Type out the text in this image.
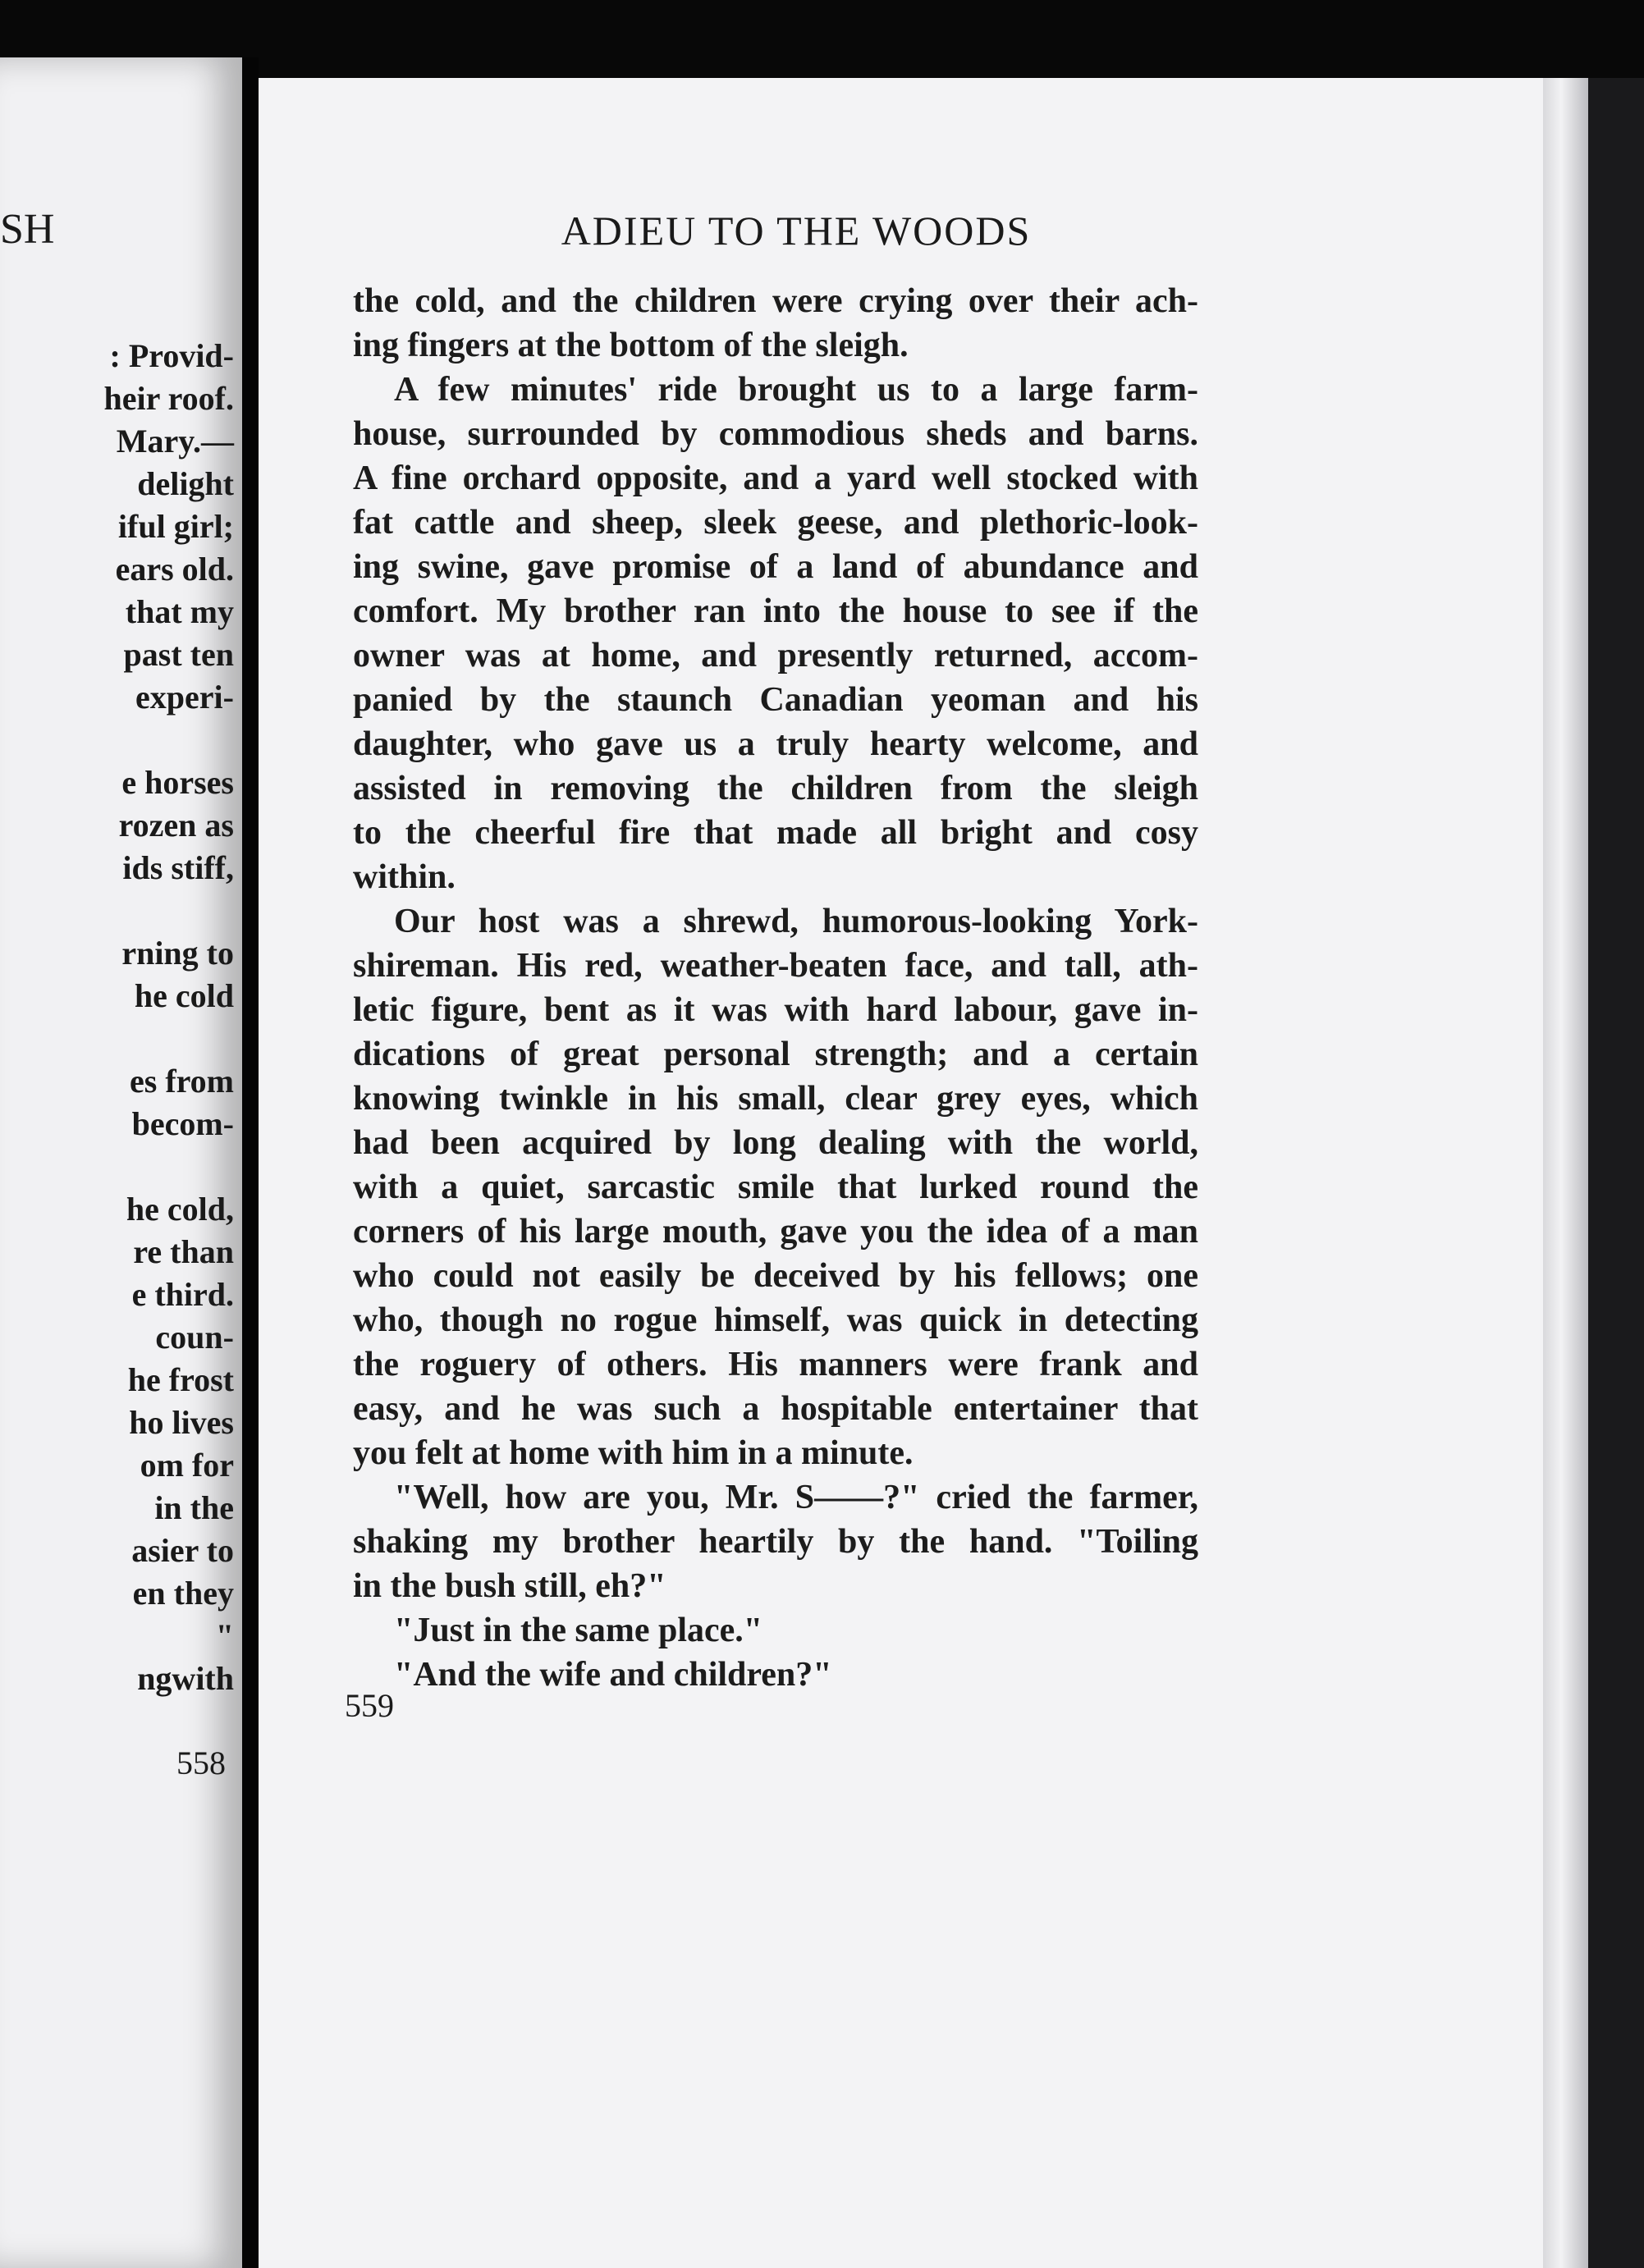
SH
: Provid-
heir roof.
Mary.—
delight
iful girl;
ears old.
that my
past ten
experi-
e horses
rozen as
ids stiff,
rning to
he cold
es from
becom-
he cold,
re than
e third.
coun-
he frost
ho lives
om for
in the
asier to
en they
"
ngwith
558
ADIEU TO THE WOODS
the cold, and the children were crying over their ach-
ing fingers at the bottom of the sleigh.
A few minutes' ride brought us to a large farm-
house, surrounded by commodious sheds and barns.
A fine orchard opposite, and a yard well stocked with
fat cattle and sheep, sleek geese, and plethoric-look-
ing swine, gave promise of a land of abundance and
comfort. My brother ran into the house to see if the
owner was at home, and presently returned, accom-
panied by the staunch Canadian yeoman and his
daughter, who gave us a truly hearty welcome, and
assisted in removing the children from the sleigh
to the cheerful fire that made all bright and cosy
within.
Our host was a shrewd, humorous-looking York-
shireman. His red, weather-beaten face, and tall, ath-
letic figure, bent as it was with hard labour, gave in-
dications of great personal strength; and a certain
knowing twinkle in his small, clear grey eyes, which
had been acquired by long dealing with the world,
with a quiet, sarcastic smile that lurked round the
corners of his large mouth, gave you the idea of a man
who could not easily be deceived by his fellows; one
who, though no rogue himself, was quick in detecting
the roguery of others. His manners were frank and
easy, and he was such a hospitable entertainer that
you felt at home with him in a minute.
"Well, how are you, Mr. S——?" cried the farmer,
shaking my brother heartily by the hand. "Toiling
in the bush still, eh?"
"Just in the same place."
"And the wife and children?"
559
